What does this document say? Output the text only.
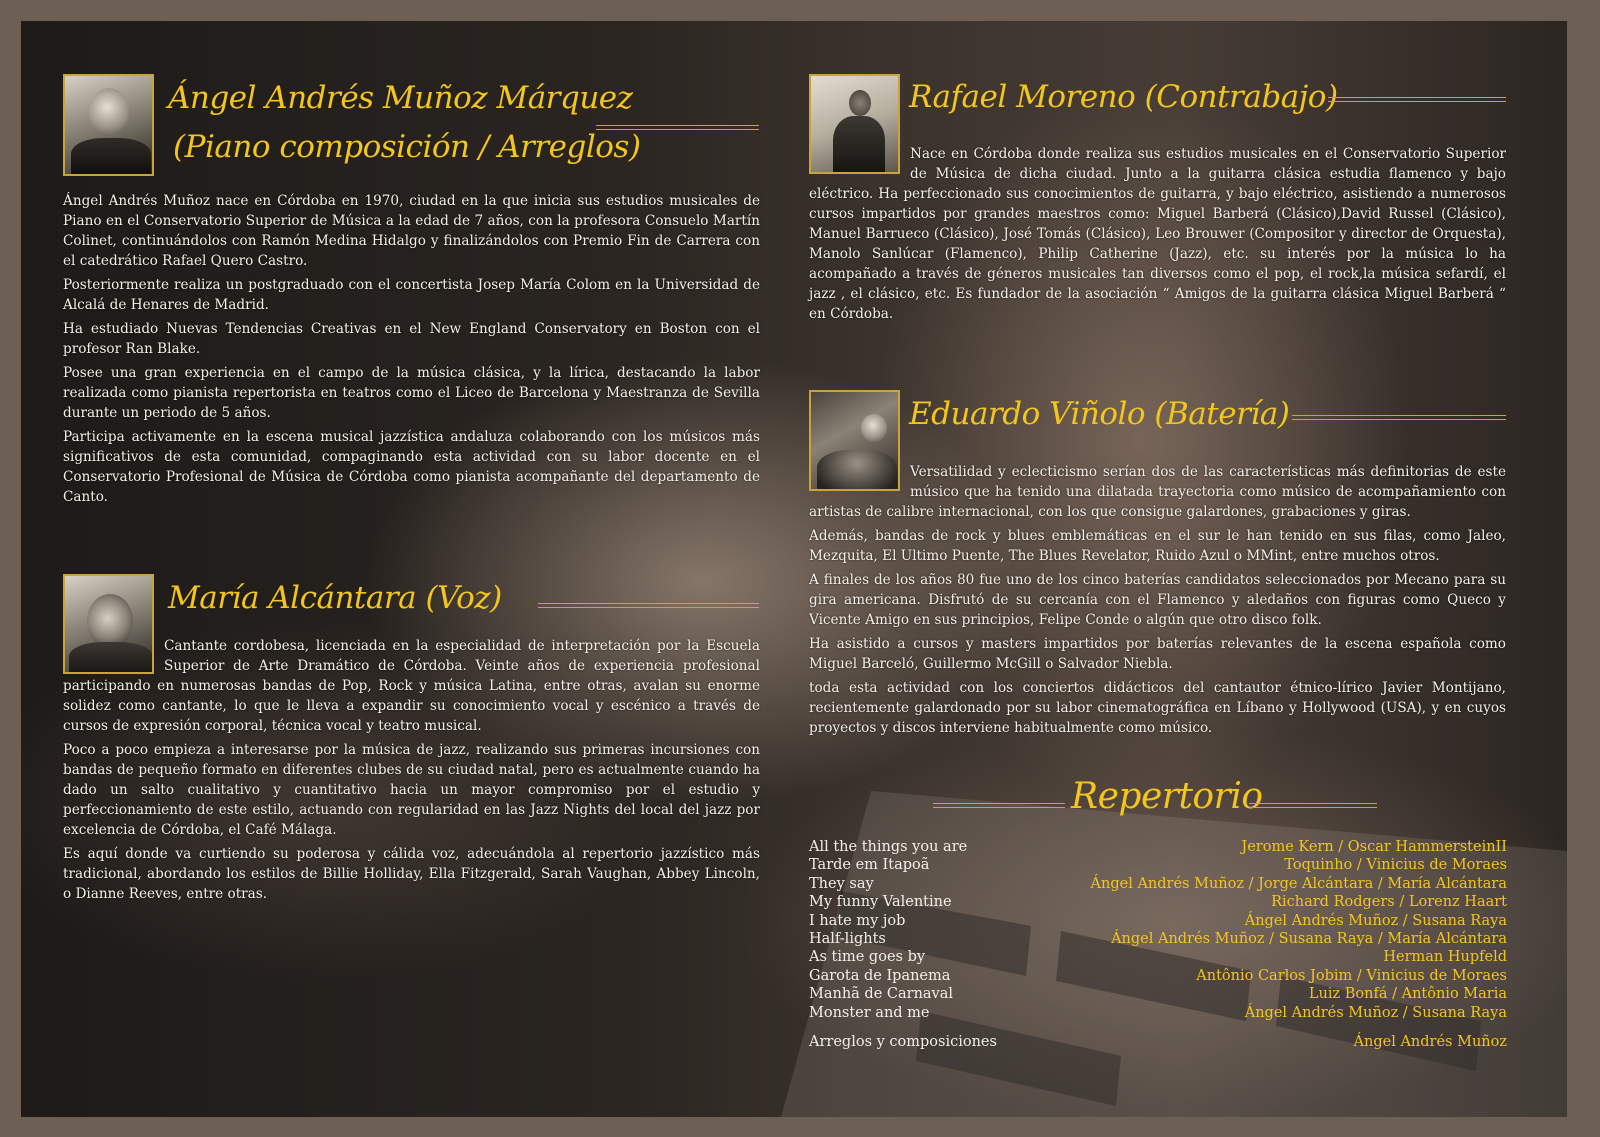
Ángel Andrés Muñoz Márquez
(Piano composición / Arreglos)

Ángel Andrés Muñoz nace en Córdoba en 1970, ciudad en la que inicia sus estudios musicales de Piano en el Conservatorio Superior de Música a la edad de 7 años, con la profesora Consuelo Martín Colinet, continuándolos con Ramón Medina Hidalgo y finalizándolos con Premio Fin de Carrera con el catedrático Rafael Quero Castro.

Posteriormente realiza un postgraduado con el concertista Josep María Colom en la Universidad de Alcalá de Henares de Madrid.

Ha estudiado Nuevas Tendencias Creativas en el New England Conservatory en Boston con el profesor Ran Blake.

Posee una gran experiencia en el campo de la música clásica, y la lírica, destacando la labor realizada como pianista repertorista en teatros como el Liceo de Barcelona y Maestranza de Sevilla durante un periodo de 5 años.

Participa activamente en la escena musical jazzística andaluza colaborando con los músicos más significativos de esta comunidad, compaginando esta actividad con su labor docente en el Conservatorio Profesional de Música de Córdoba como pianista acompañante del departamento de Canto.

María Alcántara (Voz)

Cantante cordobesa, licenciada en la especialidad de interpretación por la Escuela Superior de Arte Dramático de Córdoba. Veinte años de experiencia profesional participando en numerosas bandas de Pop, Rock y música Latina, entre otras, avalan su enorme solidez como cantante, lo que le lleva a expandir su conocimiento vocal y escénico a través de cursos de expresión corporal, técnica vocal y teatro musical.

Poco a poco empieza a interesarse por la música de jazz, realizando sus primeras incursiones con bandas de pequeño formato en diferentes clubes de su ciudad natal, pero es actualmente cuando ha dado un salto cualitativo y cuantitativo hacia un mayor compromiso por el estudio y perfeccionamiento de este estilo, actuando con regularidad en las Jazz Nights del local del jazz por excelencia de Córdoba, el Café Málaga.

Es aquí donde va curtiendo su poderosa y cálida voz, adecuándola al repertorio jazzístico más tradicional, abordando los estilos de Billie Holliday, Ella Fitzgerald, Sarah Vaughan, Abbey Lincoln, o Dianne Reeves, entre otras.

Rafael Moreno (Contrabajo)

Nace en Córdoba donde realiza sus estudios musicales en el Conservatorio Superior de Música de dicha ciudad. Junto a la guitarra clásica estudia flamenco y bajo eléctrico. Ha perfeccionado sus conocimientos de guitarra, y bajo eléctrico, asistiendo a numerosos cursos impartidos por grandes maestros como: Miguel Barberá (Clásico),David Russel (Clásico), Manuel Barrueco (Clásico), José Tomás (Clásico), Leo Brouwer (Compositor y director de Orquesta), Manolo Sanlúcar (Flamenco), Philip Catherine (Jazz), etc. su interés por la música lo ha acompañado a través de géneros musicales tan diversos como el pop, el rock,la música sefardí, el jazz , el clásico, etc. Es fundador de la asociación “ Amigos de la guitarra clásica Miguel Barberá “ en Córdoba.

Eduardo Viñolo (Batería)

Versatilidad y eclecticismo serían dos de las características más definitorias de este músico que ha tenido una dilatada trayectoria como músico de acompañamiento con artistas de calibre internacional, con los que consigue galardones, grabaciones y giras.

Además, bandas de rock y blues emblemáticas en el sur le han tenido en sus filas, como Jaleo, Mezquita, El Ultimo Puente, The Blues Revelator, Ruido Azul o MMint, entre muchos otros.

A finales de los años 80 fue uno de los cinco baterías candidatos seleccionados por Mecano para su gira americana. Disfrutó de su cercanía con el Flamenco y aledaños con figuras como Queco y Vicente Amigo en sus principios, Felipe Conde o algún que otro disco folk.

Ha asistido a cursos y masters impartidos por baterías relevantes de la escena española como Miguel Barceló, Guillermo McGill o Salvador Niebla.

toda esta actividad con los conciertos didácticos del cantautor étnico-lírico Javier Montijano, recientemente galardonado por su labor cinematográfica en Líbano y Hollywood (USA), y en cuyos proyectos y discos interviene habitualmente como músico.

Repertorio
All the things you are	Jerome Kern / Oscar HammersteinII
Tarde em Itapoã	Toquinho / Vinicius de Moraes
They say	Ángel Andrés Muñoz / Jorge Alcántara / María Alcántara
My funny Valentine	Richard Rodgers / Lorenz Haart
I hate my job	Ángel Andrés Muñoz / Susana Raya
Half-lights	Ángel Andrés Muñoz / Susana Raya / María Alcántara
As time goes by	Herman Hupfeld
Garota de Ipanema	Antônio Carlos Jobim / Vinicius de Moraes
Manhã de Carnaval	Luiz Bonfá / Antônio Maria
Monster and me	Ángel Andrés Muñoz / Susana Raya
Arreglos y composiciones	Ángel Andrés Muñoz
